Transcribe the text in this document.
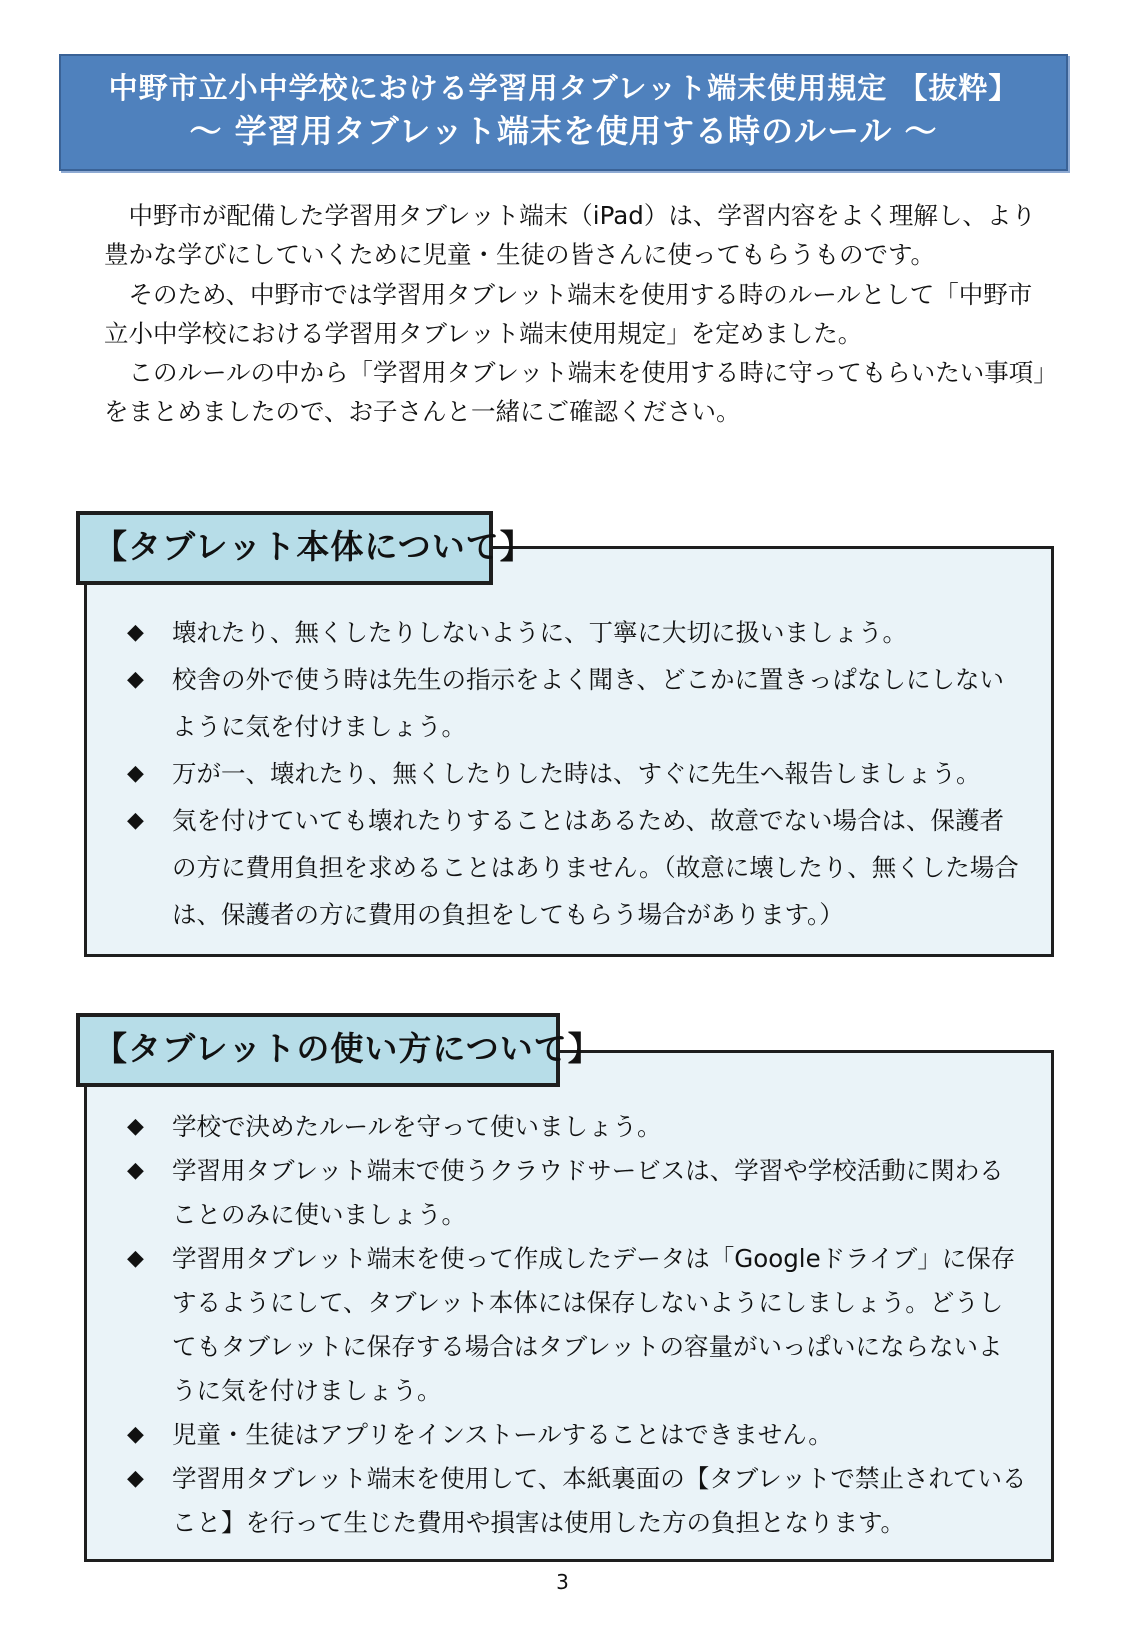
中野市立小中学校における学習用タブレット端末使用規定 【抜粋】
～ 学習用タブレット端末を使用する時のルール ～

　中野市が配備した学習用タブレット端末（iPad）は、学習内容をよく理解し、より豊かな学びにしていくために児童・生徒の皆さんに使ってもらうものです。

　そのため、中野市では学習用タブレット端末を使用する時のルールとして「中野市立小中学校における学習用タブレット端末使用規定」を定めました。

　このルールの中から「学習用タブレット端末を使用する時に守ってもらいたい事項」をまとめましたので、お子さんと一緒にご確認ください。

◆ 壊れたり、無くしたりしないように、丁寧に大切に扱いましょう。
◆ 校舎の外で使う時は先生の指示をよく聞き、どこかに置きっぱなしにしないように気を付けましょう。
◆ 万が一、壊れたり、無くしたりした時は、すぐに先生へ報告しましょう。
◆ 気を付けていても壊れたりすることはあるため、故意でない場合は、保護者の方に費用負担を求めることはありません。（故意に壊したり、無くした場合は、保護者の方に費用の負担をしてもらう場合があります。）
【タブレット本体について】
◆ 学校で決めたルールを守って使いましょう。
◆ 学習用タブレット端末で使うクラウドサービスは、学習や学校活動に関わることのみに使いましょう。
◆ 学習用タブレット端末を使って作成したデータは「Googleドライブ」に保存するようにして、タブレット本体には保存しないようにしましょう。どうしてもタブレットに保存する場合はタブレットの容量がいっぱいにならないように気を付けましょう。
◆ 児童・生徒はアプリをインストールすることはできません。
◆ 学習用タブレット端末を使用して、本紙裏面の【タブレットで禁止されていること】を行って生じた費用や損害は使用した方の負担となります。
【タブレットの使い方について】
3
